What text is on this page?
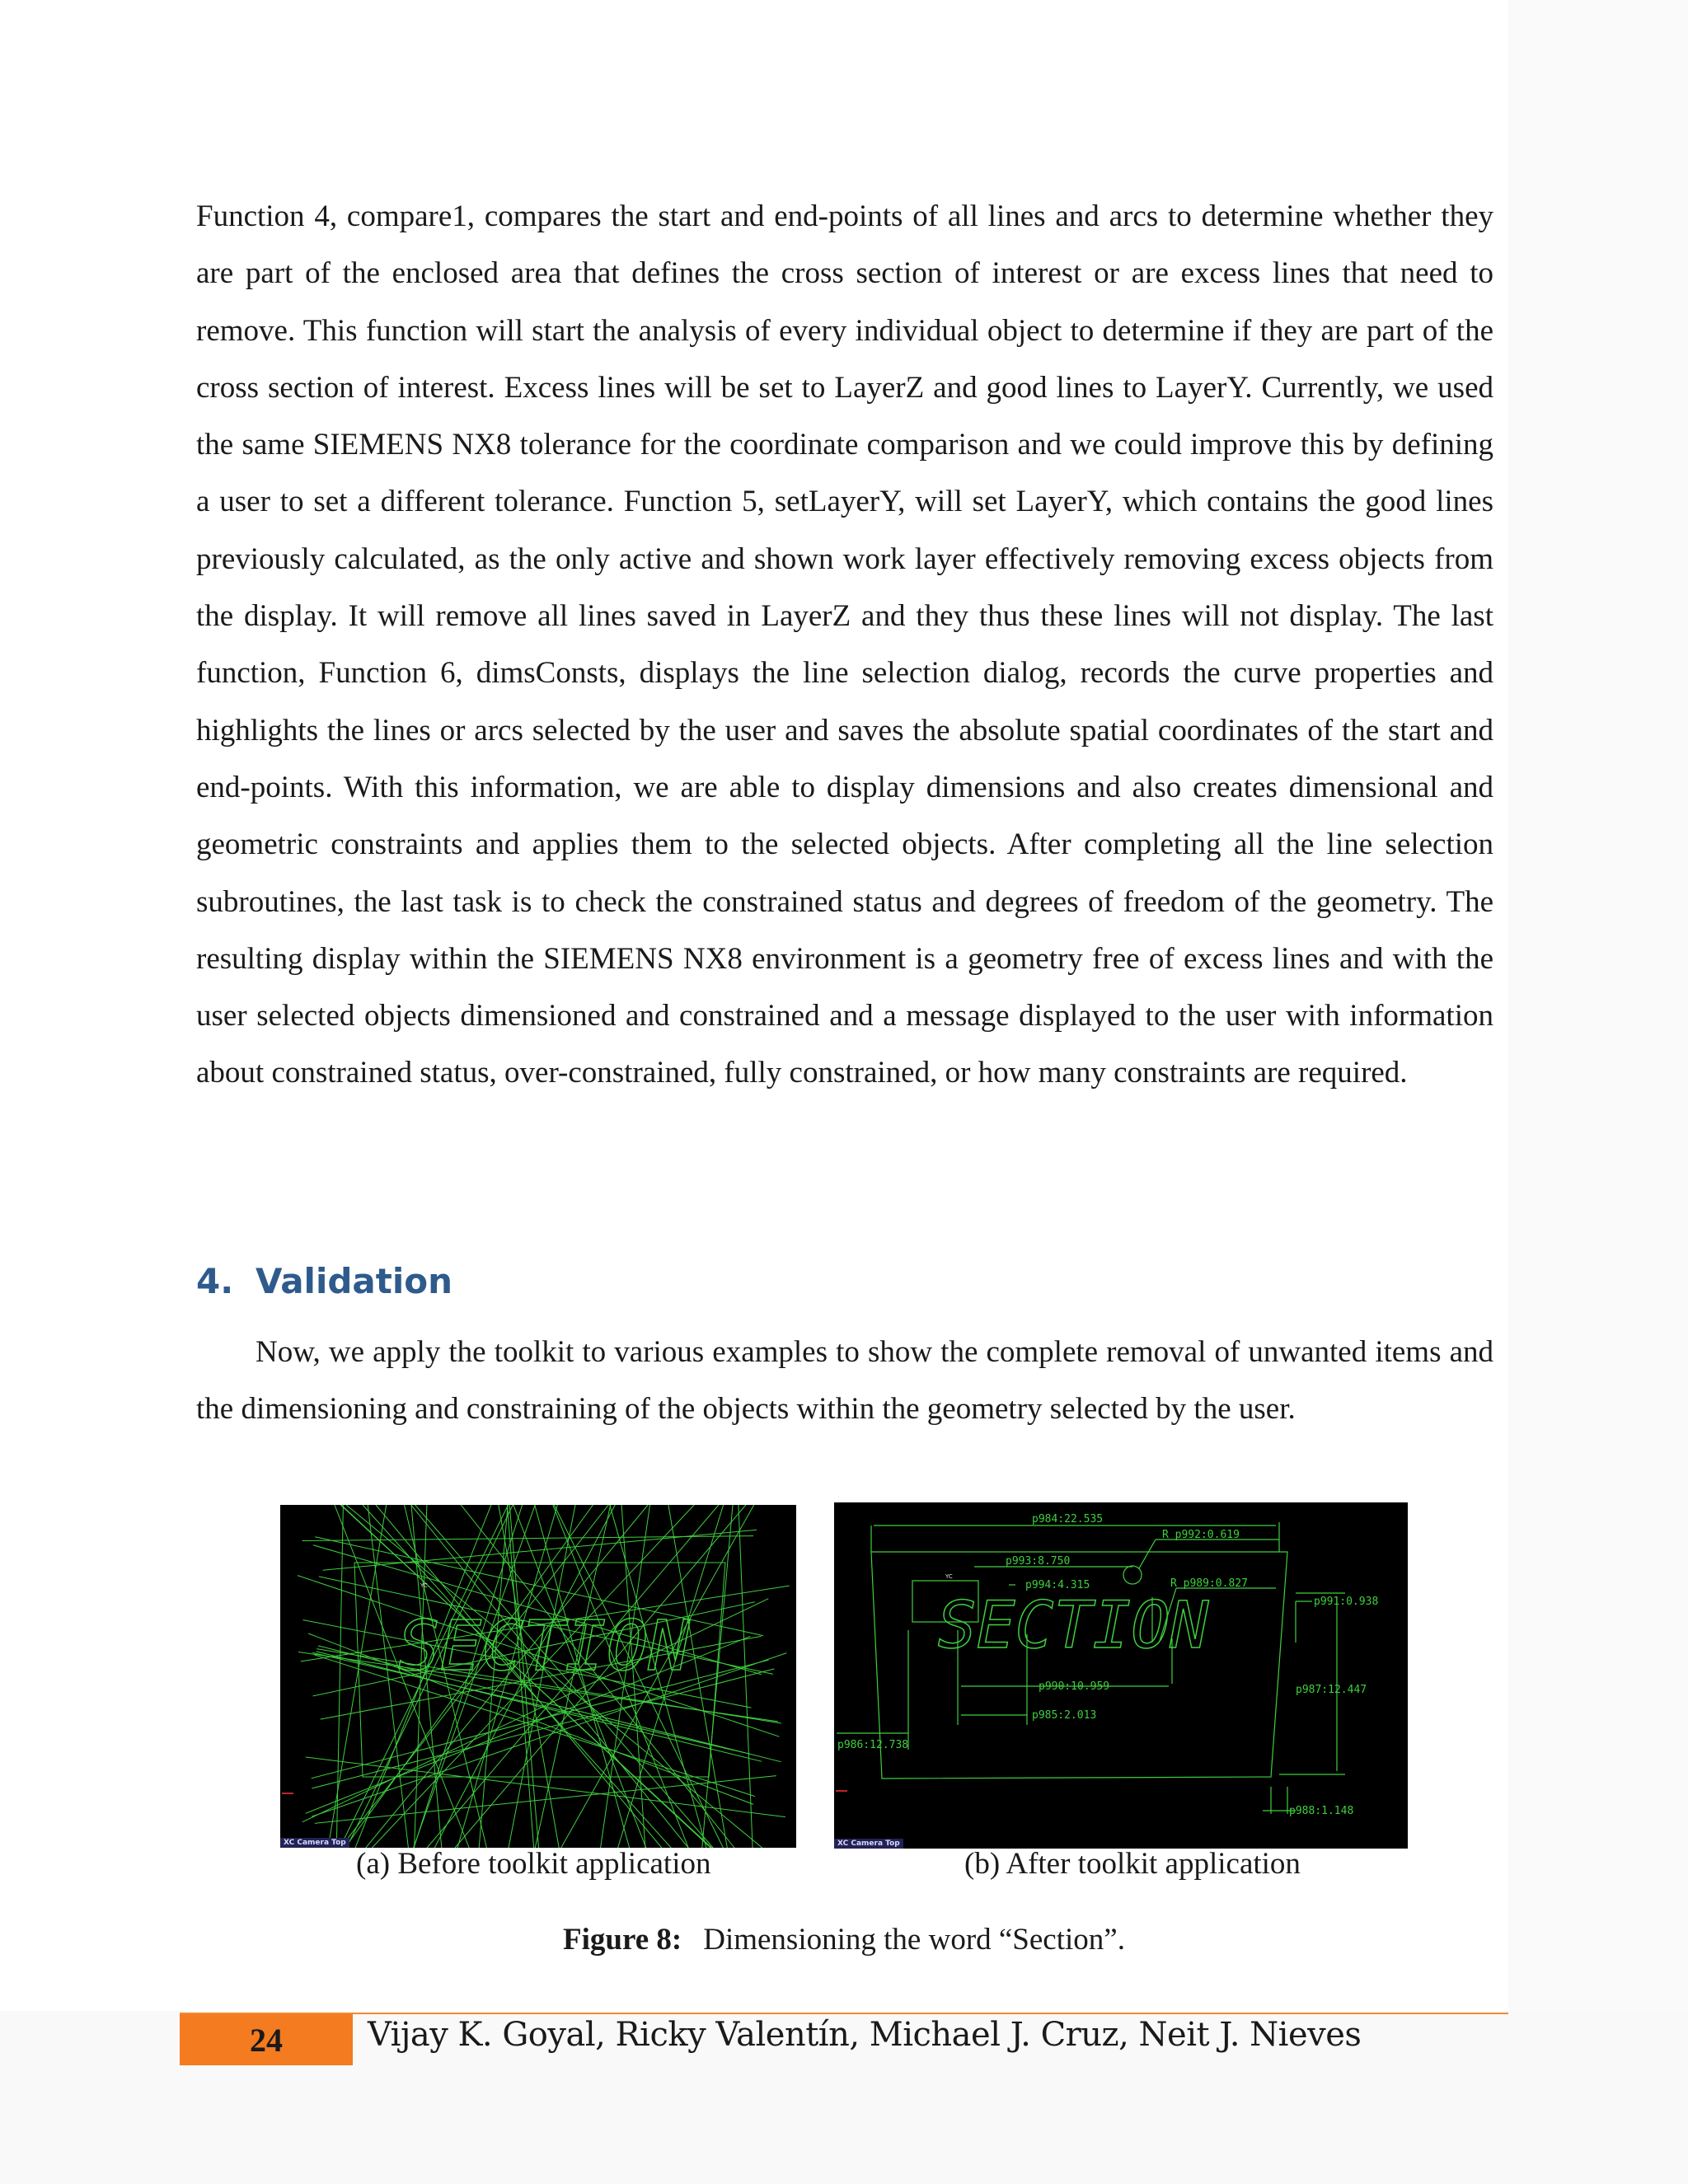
Function 4, compare1, compares the start and end-points of all lines and arcs to determine whether they are part of the enclosed area that defines the cross section of interest or are excess lines that need to remove. This function will start the analysis of every individual object to determine if they are part of the cross section of interest. Excess lines will be set to LayerZ and good lines to LayerY. Currently, we used the same SIEMENS NX8 tolerance for the coordinate comparison and we could improve this by defining a user to set a different tolerance. Function 5, setLayerY, will set LayerY, which contains the good lines previously calculated, as the only active and shown work layer effectively removing excess objects from the display. It will remove all lines saved in LayerZ and they thus these lines will not display. The last function, Function 6, dimsConsts, displays the line selection dialog, records the curve properties and highlights the lines or arcs selected by the user and saves the absolute spatial coordinates of the start and end-points. With this information, we are able to display dimensions and also creates dimensional and geometric constraints and applies them to the selected objects. After completing all the line selection subroutines, the last task is to check the constrained status and degrees of freedom of the geometry. The resulting display within the SIEMENS NX8 environment is a geometry free of excess lines and with the user selected objects dimensioned and constrained and a message displayed to the user with information about constrained status, over-constrained, fully constrained, or how many constraints are required.

4. Validation

Now, we apply the toolkit to various examples to show the complete removal of unwanted items and the dimensioning and constraining of the objects within the geometry selected by the user.

SECTION
YC
XC Camera Top
SECTION
YC
p984:22.535
R p992:0.619
p993:8.750
p994:4.315	R p989:0.827
p991:0.938
p990:10.959
p985:2.013
p987:12.447
p986:12.738
p988:1.148
XC Camera Top
(a) Before toolkit application	(b) After toolkit application
Figure 8: Dimensioning the word “Section”.
24	Vijay K. Goyal, Ricky Valentín, Michael J. Cruz, Neit J. Nieves
